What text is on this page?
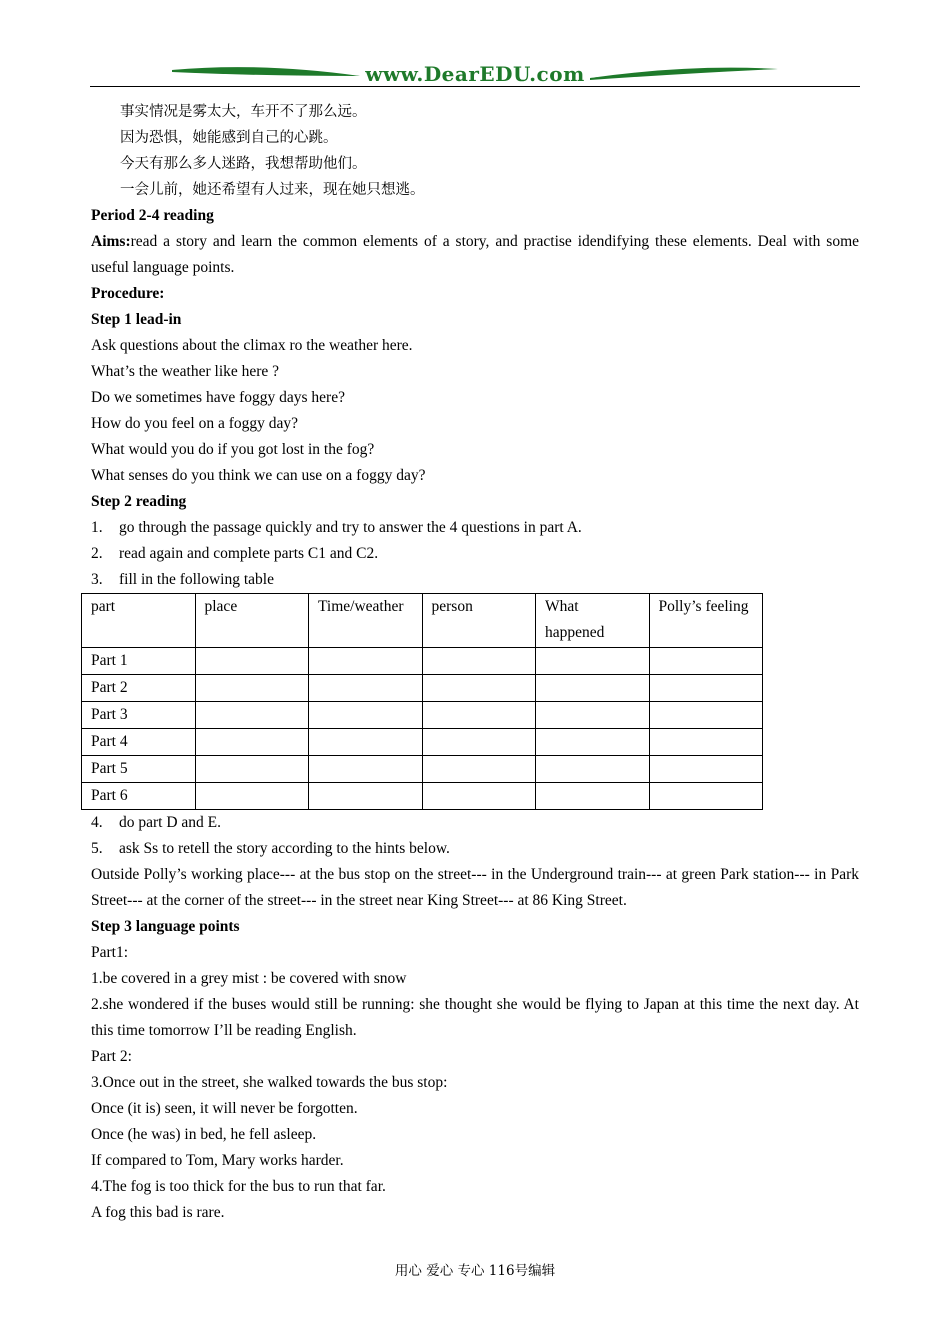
www.DearEDU.com

事实情况是雾太大，车开不了那么远。

因为恐惧，她能感到自己的心跳。

今天有那么多人迷路，我想帮助他们。

一会儿前，她还希望有人过来，现在她只想逃。

Period 2-4 reading

Aims:read a story and learn the common elements of a story, and practise idendifying these elements. Deal with some useful language points.

Procedure:

Step 1 lead-in

Ask questions about the climax ro the weather here.

What’s the weather like here ?

Do we sometimes have foggy days here?

How do you feel on a foggy day?

What would you do if you got lost in the fog?

What senses do you think we can use on a foggy day?

Step 2 reading

1.	go through the passage quickly and try to answer the 4 questions in part A.

2.	read again and complete parts C1 and C2.

3.	fill in the following table

part	place	Time/weather	person	What happened	Polly’s feeling
Part 1					
Part 2					
Part 3					
Part 4					
Part 5					
Part 6					

4.	do part D and E.

5.	ask Ss to retell the story according to the hints below.

Outside Polly’s working place--- at the bus stop on the street--- in the Underground train--- at green Park station--- in Park Street--- at the corner of the street--- in the street near King Street--- at 86 King Street.

Step 3 language points

Part1:

1.be covered in a grey mist : be covered with snow

2.she wondered if the buses would still be running: she thought she would be flying to Japan at this time the next day. At this time tomorrow I’ll be reading English.

Part 2:

3.Once out in the street, she walked towards the bus stop:

Once (it is) seen, it will never be forgotten.

Once (he was) in bed, he fell asleep.

If compared to Tom, Mary works harder.

4.The fog is too thick for the bus to run that far.

A fog this bad is rare.

用心 爱心 专心 116号编辑
